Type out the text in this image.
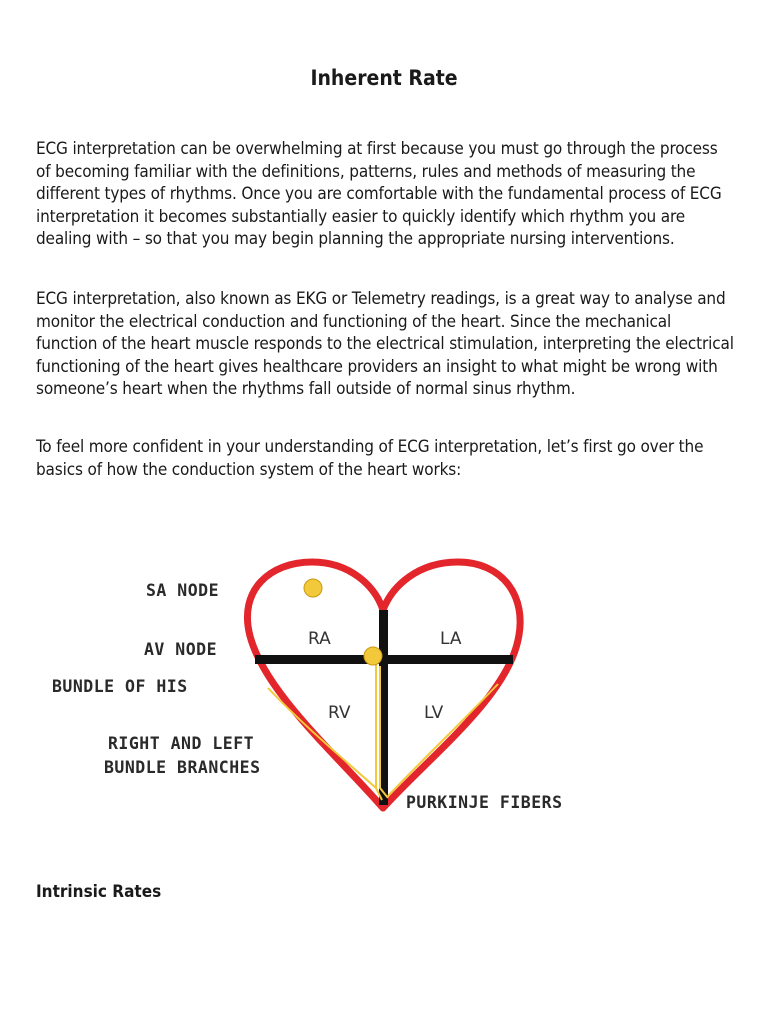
Inherent Rate

ECG interpretation can be overwhelming at first because you must go through the process of becoming familiar with the definitions, patterns, rules and methods of measuring the different types of rhythms. Once you are comfortable with the fundamental process of ECG interpretation it becomes substantially easier to quickly identify which rhythm you are dealing with – so that you may begin planning the appropriate nursing interventions.

ECG interpretation, also known as EKG or Telemetry readings, is a great way to analyse and monitor the electrical conduction and functioning of the heart. Since the mechanical function of the heart muscle responds to the electrical stimulation, interpreting the electrical functioning of the heart gives healthcare providers an insight to what might be wrong with someone’s heart when the rhythms fall outside of normal sinus rhythm.

To feel more confident in your understanding of ECG interpretation, let’s first go over the basics of how the conduction system of the heart works:

RA	LA
RV	LV
SA NODE
AV NODE
BUNDLE OF HIS
RIGHT AND LEFT
BUNDLE BRANCHES
PURKINJE FIBERS
Intrinsic Rates
